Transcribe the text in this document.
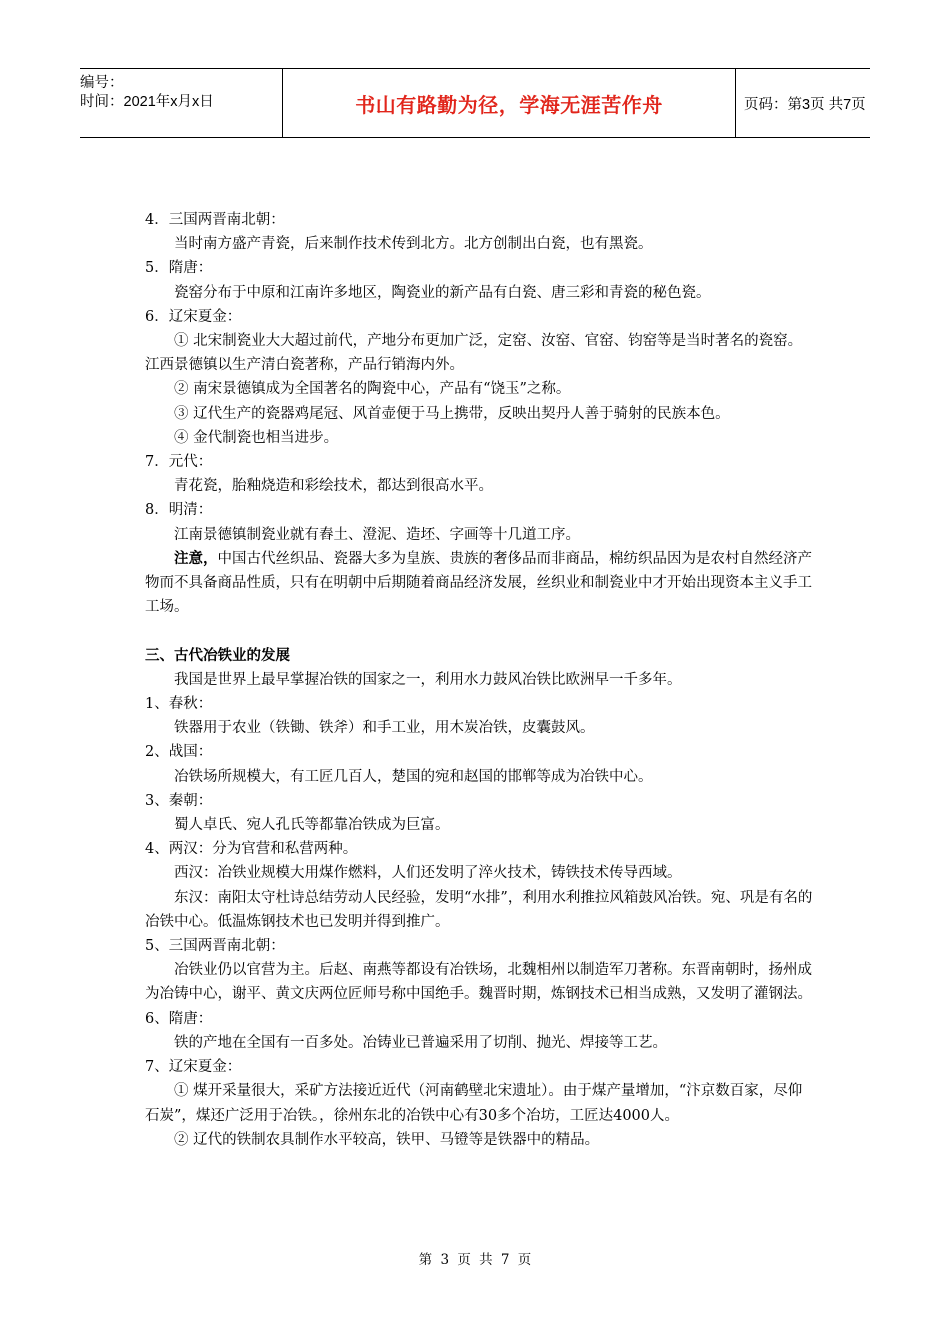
编号：
时间：2021年x月x日	书山有路勤为径，学海无涯苦作舟	页码：第3页 共7页

4．三国两晋南北朝：

当时南方盛产青瓷，后来制作技术传到北方。北方创制出白瓷，也有黑瓷。

5．隋唐：

瓷窑分布于中原和江南许多地区，陶瓷业的新产品有白瓷、唐三彩和青瓷的秘色瓷。

6．辽宋夏金：

① 北宋制瓷业大大超过前代，产地分布更加广泛，定窑、汝窑、官窑、钧窑等是当时著名的瓷窑。江西景德镇以生产清白瓷著称，产品行销海内外。

② 南宋景德镇成为全国著名的陶瓷中心，产品有“饶玉”之称。

③ 辽代生产的瓷器鸡尾冠、风首壶便于马上携带，反映出契丹人善于骑射的民族本色。

④ 金代制瓷也相当进步。

7．元代：

青花瓷，胎釉烧造和彩绘技术，都达到很高水平。

8．明清：

江南景德镇制瓷业就有舂土、澄泥、造坯、字画等十几道工序。

注意，中国古代丝织品、瓷器大多为皇族、贵族的奢侈品而非商品，棉纺织品因为是农村自然经济产物而不具备商品性质，只有在明朝中后期随着商品经济发展，丝织业和制瓷业中才开始出现资本主义手工工场。

三、古代冶铁业的发展

我国是世界上最早掌握冶铁的国家之一，利用水力鼓风冶铁比欧洲早一千多年。

1、春秋：

铁器用于农业（铁锄、铁斧）和手工业，用木炭冶铁，皮囊鼓风。

2、战国：

冶铁场所规模大，有工匠几百人，楚国的宛和赵国的邯郸等成为冶铁中心。

3、秦朝：

蜀人卓氏、宛人孔氏等都靠冶铁成为巨富。

4、两汉：分为官营和私营两种。

西汉：冶铁业规模大用煤作燃料，人们还发明了淬火技术，铸铁技术传导西域。

东汉：南阳太守杜诗总结劳动人民经验，发明“水排”，利用水利推拉风箱鼓风冶铁。宛、巩是有名的冶铁中心。低温炼钢技术也已发明并得到推广。

5、三国两晋南北朝：

冶铁业仍以官营为主。后赵、南燕等都设有冶铁场，北魏相州以制造军刀著称。东晋南朝时，扬州成为冶铸中心，谢平、黄文庆两位匠师号称中国绝手。魏晋时期，炼钢技术已相当成熟，又发明了灌钢法。

6、隋唐：

铁的产地在全国有一百多处。冶铸业已普遍采用了切削、抛光、焊接等工艺。

7、辽宋夏金：

① 煤开采量很大，采矿方法接近近代（河南鹤壁北宋遗址）。由于煤产量增加，“汴京数百家，尽仰石炭”，煤还广泛用于冶铁。，徐州东北的冶铁中心有30多个冶坊，工匠达4000人。

② 辽代的铁制农具制作水平较高，铁甲、马镫等是铁器中的精品。

第 3 页 共 7 页
